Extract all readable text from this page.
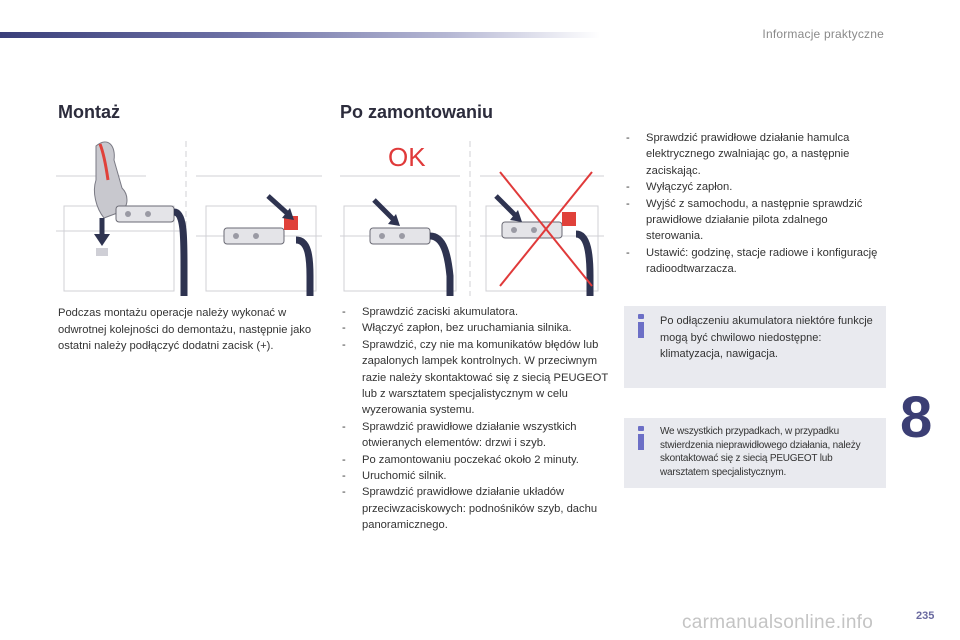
Informacje praktyczne
Montaż	Po zamontowaniu
OK

Podczas montażu operacje należy wykonać w odwrotnej kolejności do demontażu, następnie jako ostatni należy podłączyć dodatni zacisk (+).

- Sprawdzić zaciski akumulatora.
- Włączyć zapłon, bez uruchamiania silnika.
- Sprawdzić, czy nie ma komunikatów błędów lub zapalonych lampek kontrolnych. W przeciwnym razie należy skontaktować się z siecią PEUGEOT lub z warsztatem specjalistycznym w celu wyzerowania systemu.
- Sprawdzić prawidłowe działanie wszystkich otwieranych elementów: drzwi i szyb.
- Po zamontowaniu poczekać około 2 minuty.
- Uruchomić silnik.
- Sprawdzić prawidłowe działanie układów przeciwzaciskowych: podnośników szyb, dachu panoramicznego.
- Sprawdzić prawidłowe działanie hamulca elektrycznego zwalniając go, a następnie zaciskając.
- Wyłączyć zapłon.
- Wyjść z samochodu, a następnie sprawdzić prawidłowe działanie pilota zdalnego sterowania.
- Ustawić: godzinę, stacje radiowe i konfigurację radioodtwarzacza.
Po odłączeniu akumulatora niektóre funkcje mogą być chwilowo niedostępne: klimatyzacja, nawigacja.
We wszystkich przypadkach, w przypadku stwierdzenia nieprawidłowego działania, należy skontaktować się z siecią PEUGEOT lub warsztatem specjalistycznym.
8
carmanualsonline.info	235
